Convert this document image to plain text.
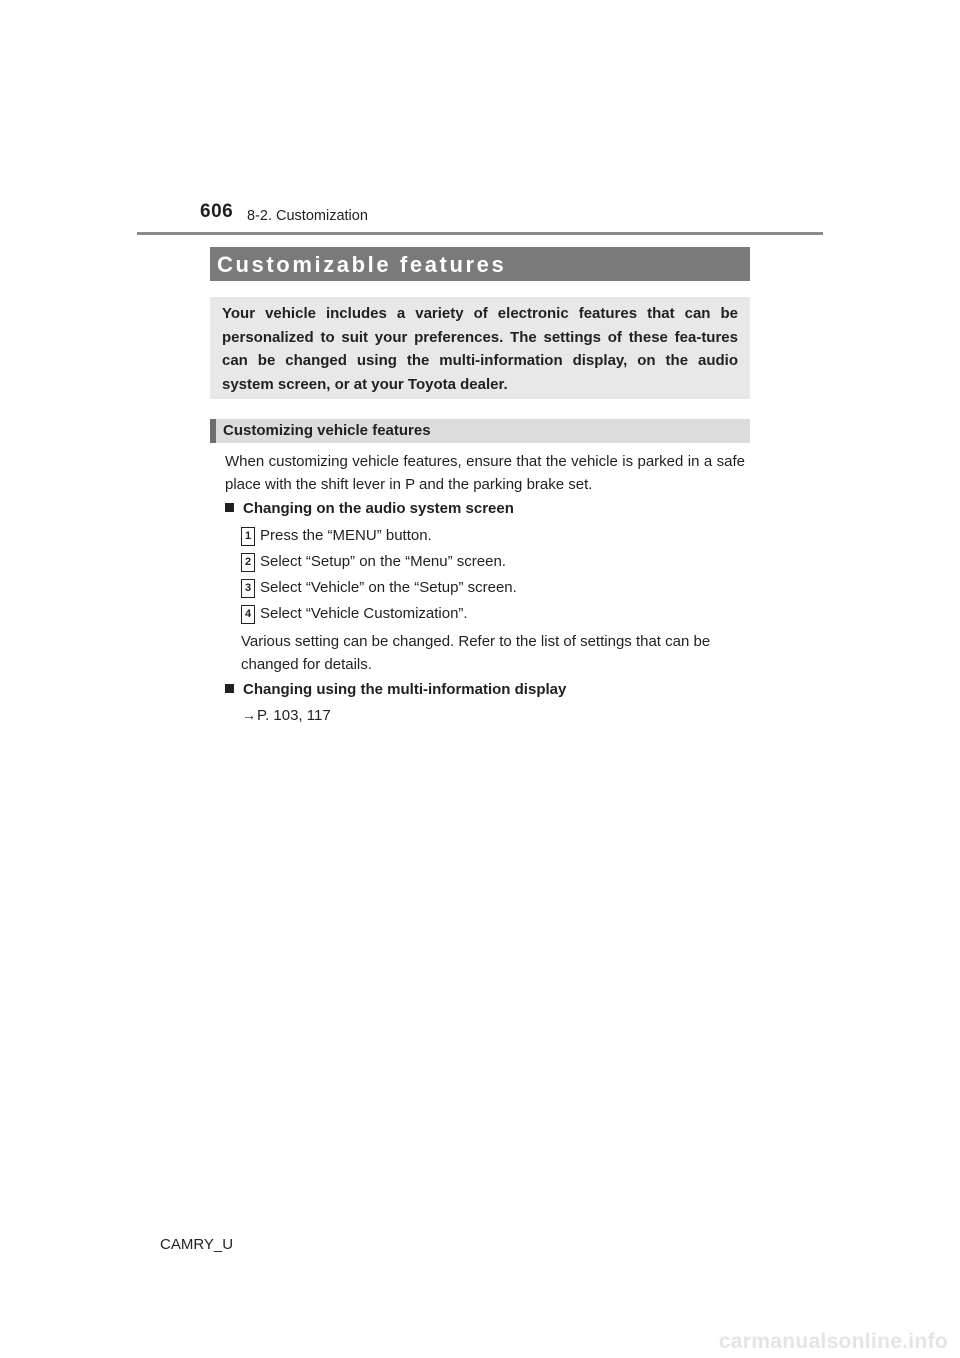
606 8-2. Customization
Customizable features
Your vehicle includes a variety of electronic features that can be personalized to suit your preferences. The settings of these fea-tures can be changed using the multi-information display, on the audio system screen, or at your Toyota dealer.
Customizing vehicle features
When customizing vehicle features, ensure that the vehicle is parked in a safe place with the shift lever in P and the parking brake set.
Changing on the audio system screen
1 Press the “MENU” button.
2 Select “Setup” on the “Menu” screen.
3 Select “Vehicle” on the “Setup” screen.
4 Select “Vehicle Customization”.
Various setting can be changed. Refer to the list of settings that can be changed for details.
Changing using the multi-information display
→P. 103, 117
CAMRY_U
carmanualsonline.info
